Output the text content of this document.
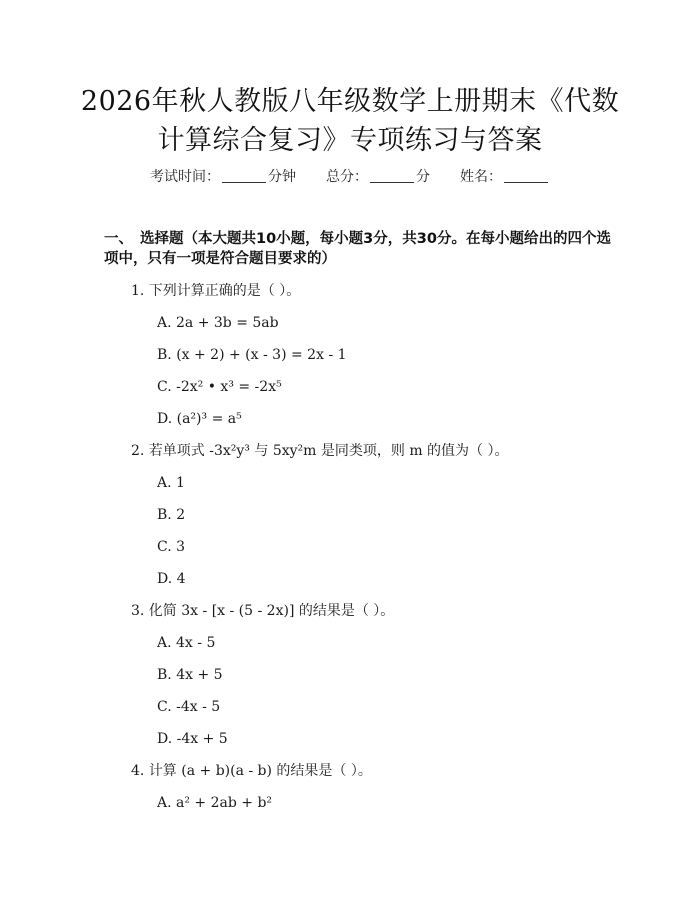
2026年秋人教版八年级数学上册期末《代数
计算综合复习》专项练习与答案
考试时间：	分钟 总分：	分 姓名：
一、 选择题（本大题共10小题，每小题3分，共30分。在每小题给出的四个选
项中，只有一项是符合题目要求的）
1. 下列计算正确的是（ ）。
A. 2a + 3b = 5ab
B. (x + 2) + (x - 3) = 2x - 1
C. -2x² • x³ = -2x⁵
D. (a²)³ = a⁵
2. 若单项式 -3x²y³ 与 5xy²m 是同类项，则 m 的值为（ ）。
A. 1
B. 2
C. 3
D. 4
3. 化简 3x - [x - (5 - 2x)] 的结果是（ ）。
A. 4x - 5
B. 4x + 5
C. -4x - 5
D. -4x + 5
4. 计算 (a + b)(a - b) 的结果是（ ）。
A. a² + 2ab + b²
